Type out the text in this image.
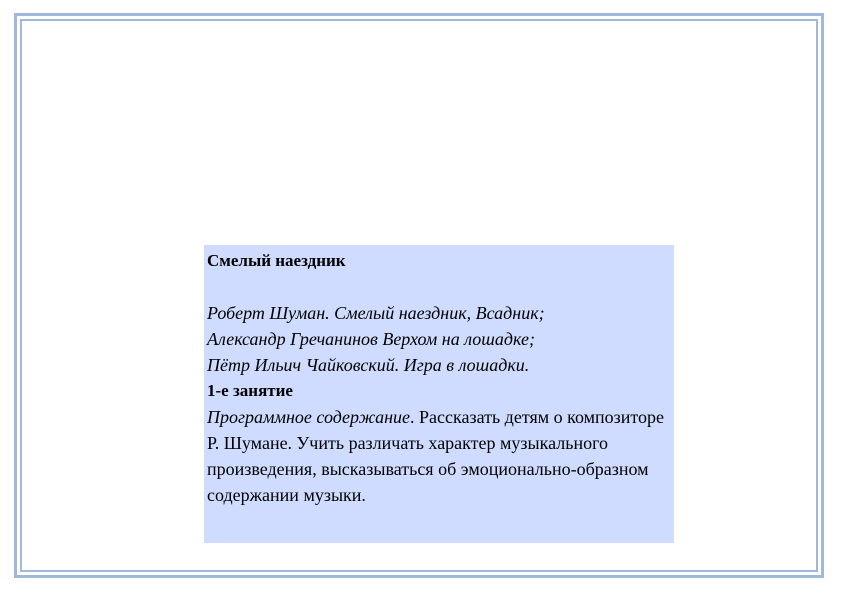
Смелый наездник

Роберт Шуман. Смелый наездник, Всадник;
Александр Гречанинов Верхом на лошадке;
Пётр Ильич Чайковский. Игра в лошадки.

1-е занятие

Программное содержание. Рассказать детям о композиторе Р. Шумане. Учить различать характер музыкального произведения, высказываться об эмоционально-образном содержании музыки.
